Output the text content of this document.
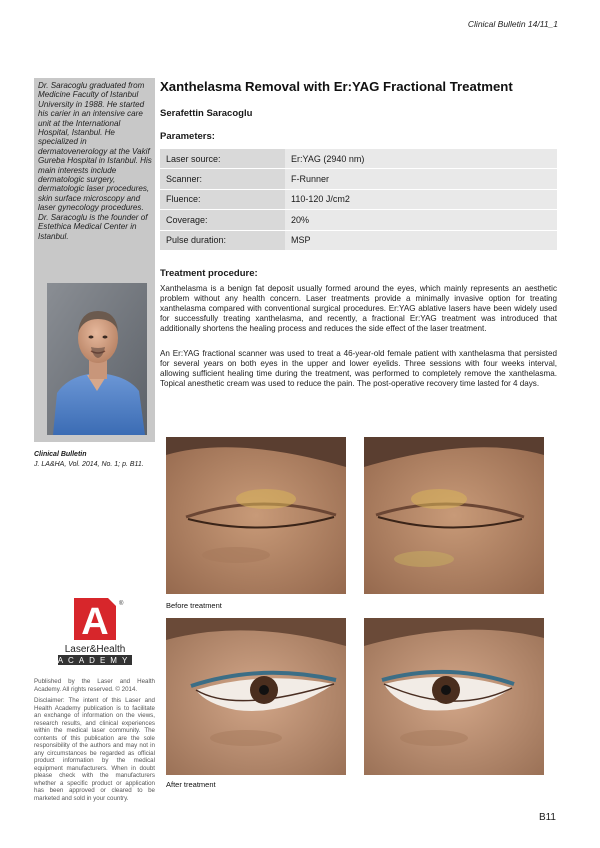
Clinical Bulletin 14/11_1
Dr. Saracoglu graduated from Medicine Faculty of Istanbul University in 1988. He started his carier in an intensive care unit at the International Hospital, Istanbul. He specialized in dermatovenerology at the Vakif Gureba Hospital in Istanbul. His main interests include dermatologic surgery, dermatologic laser procedures, skin surface microscopy and laser gynecology procedures. Dr. Saracoglu is the founder of Estethica Medical Center in Istanbul.
Clinical Bulletin
J. LA&HA, Vol. 2014, No. 1; p. B11.
A ®
Laser&Health
ACADEMY
Published by the Laser and Health Academy. All rights reserved. © 2014.
Disclaimer: The intent of this Laser and Health Academy publication is to facilitate an exchange of information on the views, research results, and clinical experiences within the medical laser community. The contents of this publication are the sole responsibility of the authors and may not in any circumstances be regarded as official product information by the medical equipment manufacturers. When in doubt please check with the manufacturers whether a specific product or application has been approved or cleared to be marketed and sold in your country.
Xanthelasma Removal with Er:YAG Fractional Treatment
Serafettin Saracoglu
Parameters:
Laser source:	Er:YAG (2940 nm)
Scanner:	F-Runner
Fluence:	110-120 J/cm2
Coverage:	20%
Pulse duration:	MSP
Treatment procedure:
Xanthelasma is a benign fat deposit usually formed around the eyes, which mainly represents an aesthetic problem without any health concern. Laser treatments provide a minimally invasive option for treating xanthelasma compared with conventional surgical procedures. Er:YAG ablative lasers have been widely used for successfully treating xanthelasma, and recently, a fractional Er:YAG treatment was introduced that additionally shortens the healing process and reduces the side effect of the laser treatment.
An Er:YAG fractional scanner was used to treat a 46-year-old female patient with xanthelasma that persisted for several years on both eyes in the upper and lower eyelids. Three sessions with four weeks interval, allowing sufficient healing time during the treatment, was performed to completely remove the xanthelasma. Topical anesthetic cream was used to reduce the pain. The post-operative recovery time lasted for 4 days.
Before treatment
After treatment
B11
